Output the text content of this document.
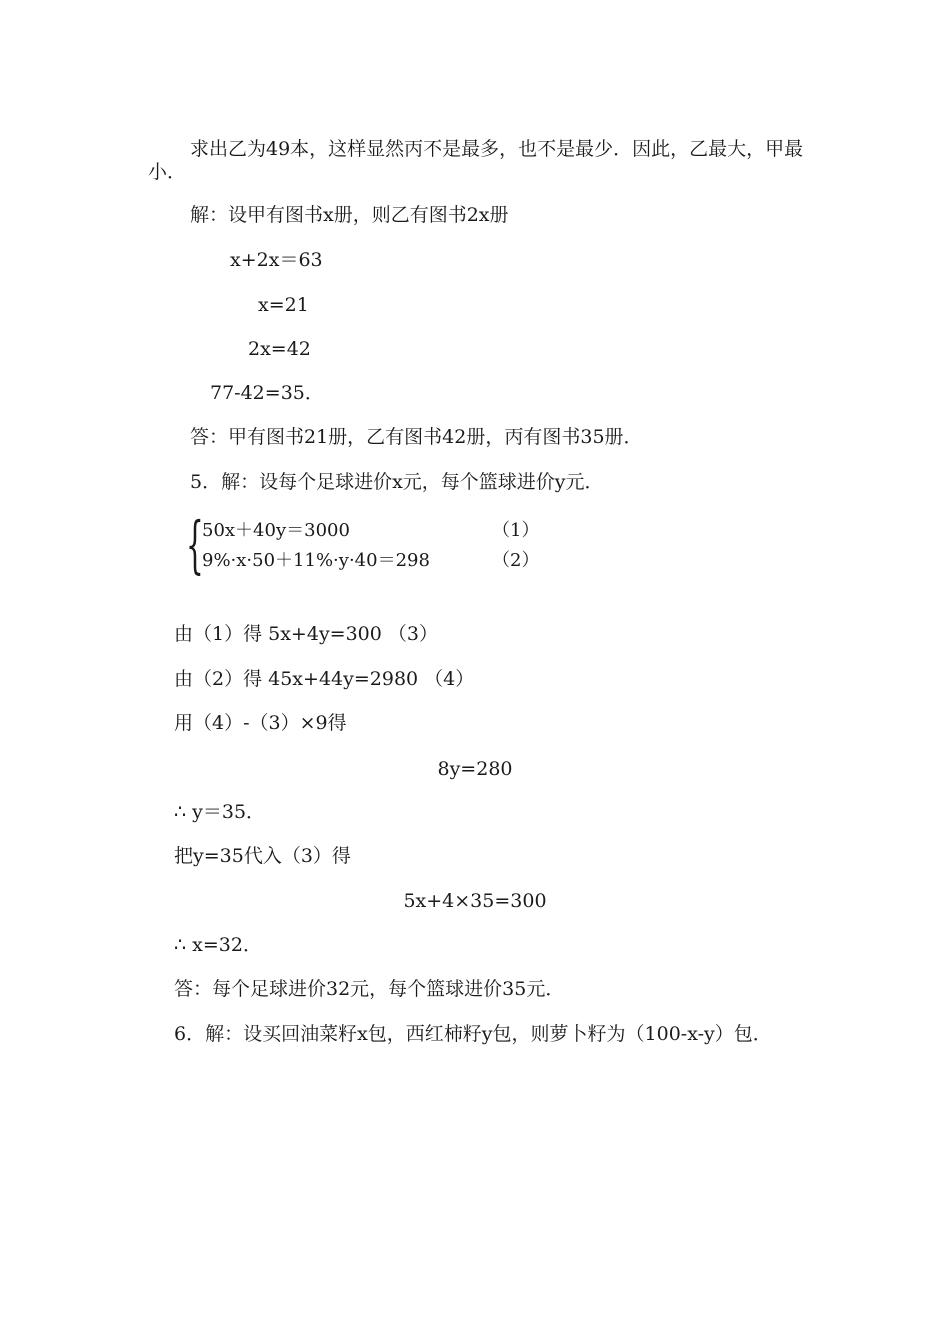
求出乙为49本，这样显然丙不是最多，也不是最少．因此，乙最大，甲最
小．
解：设甲有图书x册，则乙有图书2x册
x+2x＝63
x=21
2x=42
77-42=35．
答：甲有图书21册，乙有图书42册，丙有图书35册．
5．解：设每个足球进价x元，每个篮球进价y元．
{
50x＋40y＝3000	（1）
9%·x·50＋11%·y·40＝298	（2）
由（1）得 5x+4y=300 （3）
由（2）得 45x+44y=2980 （4）
用（4）-（3）×9得
8y=280
∴ y＝35．
把y=35代入（3）得
5x+4×35=300
∴ x=32．
答：每个足球进价32元，每个篮球进价35元．
6．解：设买回油菜籽x包，西红柿籽y包，则萝卜籽为（100-x-y）包．
